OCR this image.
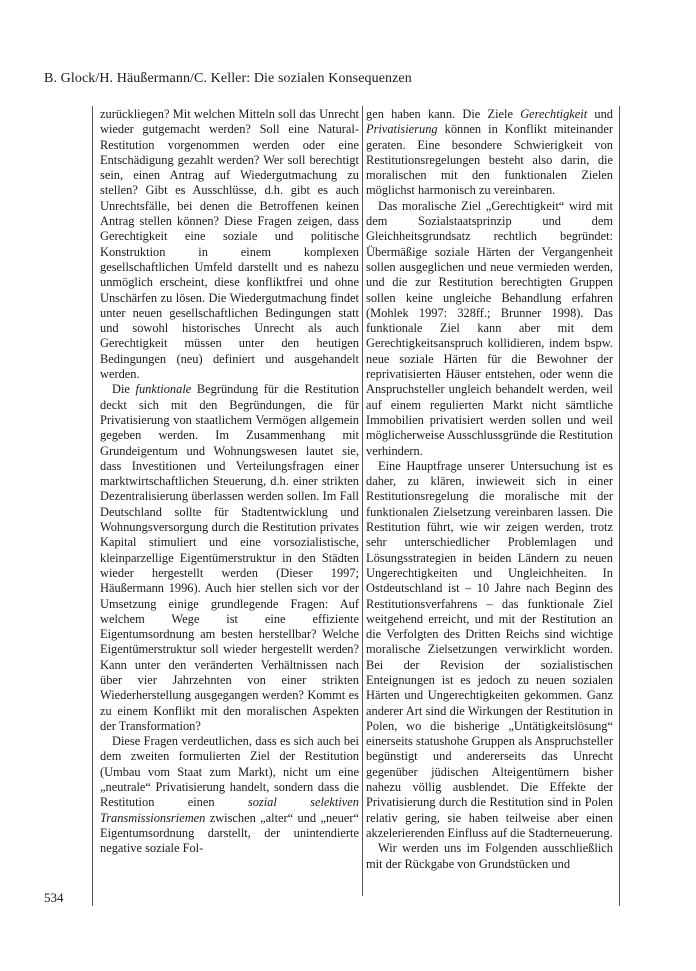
B. Glock/H. Häußermann/C. Keller: Die sozialen Konsequenzen

zurückliegen? Mit welchen Mitteln soll das Unrecht wieder gutgemacht werden? Soll eine Natural-Restitution vorgenommen werden oder eine Entschädigung gezahlt werden? Wer soll berechtigt sein, einen Antrag auf Wiedergutmachung zu stellen? Gibt es Ausschlüsse, d.h. gibt es auch Unrechtsfälle, bei denen die Betroffenen keinen Antrag stellen können? Diese Fragen zeigen, dass Gerechtigkeit eine soziale und politische Konstruktion in einem komplexen gesellschaftlichen Umfeld darstellt und es nahezu unmöglich erscheint, diese konfliktfrei und ohne Unschärfen zu lösen. Die Wiedergutmachung findet unter neuen gesellschaftlichen Bedingungen statt und sowohl historisches Unrecht als auch Gerechtigkeit müssen unter den heutigen Bedingungen (neu) definiert und ausgehandelt werden.

Die funktionale Begründung für die Restitution deckt sich mit den Begründungen, die für Privatisierung von staatlichem Vermögen allgemein gegeben werden. Im Zusammenhang mit Grundeigentum und Wohnungswesen lautet sie, dass Investitionen und Verteilungsfragen einer marktwirtschaftlichen Steuerung, d.h. einer strikten Dezentralisierung überlassen werden sollen. Im Fall Deutschland sollte für Stadtentwicklung und Wohnungsversorgung durch die Restitution privates Kapital stimuliert und eine vorsozialistische, kleinparzellige Eigentümerstruktur in den Städten wieder hergestellt werden (Dieser 1997; Häußermann 1996). Auch hier stellen sich vor der Umsetzung einige grundlegende Fragen: Auf welchem Wege ist eine effiziente Eigentumsordnung am besten herstellbar? Welche Eigentümerstruktur soll wieder hergestellt werden? Kann unter den veränderten Verhältnissen nach über vier Jahrzehnten von einer strikten Wiederherstellung ausgegangen werden? Kommt es zu einem Konflikt mit den moralischen Aspekten der Transformation?

Diese Fragen verdeutlichen, dass es sich auch bei dem zweiten formulierten Ziel der Restitution (Umbau vom Staat zum Markt), nicht um eine „neutrale“ Privatisierung handelt, sondern dass die Restitution einen sozial selektiven Transmissionsriemen zwischen „alter“ und „neuer“ Eigentumsordnung darstellt, der unintendierte negative soziale Fol-

gen haben kann. Die Ziele Gerechtigkeit und Privatisierung können in Konflikt miteinander geraten. Eine besondere Schwierigkeit von Restitutionsregelungen besteht also darin, die moralischen mit den funktionalen Zielen möglichst harmonisch zu vereinbaren.

Das moralische Ziel „Gerechtigkeit“ wird mit dem Sozialstaatsprinzip und dem Gleichheitsgrundsatz rechtlich begründet: Übermäßige soziale Härten der Vergangenheit sollen ausgeglichen und neue vermieden werden, und die zur Restitution berechtigten Gruppen sollen keine ungleiche Behandlung erfahren (Mohlek 1997: 328ff.; Brunner 1998). Das funktionale Ziel kann aber mit dem Gerechtigkeitsanspruch kollidieren, indem bspw. neue soziale Härten für die Bewohner der reprivatisierten Häuser entstehen, oder wenn die Anspruchsteller ungleich behandelt werden, weil auf einem regulierten Markt nicht sämtliche Immobilien privatisiert werden sollen und weil möglicherweise Ausschlussgründe die Restitution verhindern.

Eine Hauptfrage unserer Untersuchung ist es daher, zu klären, inwieweit sich in einer Restitutionsregelung die moralische mit der funktionalen Zielsetzung vereinbaren lassen. Die Restitution führt, wie wir zeigen werden, trotz sehr unterschiedlicher Problemlagen und Lösungsstrategien in beiden Ländern zu neuen Ungerechtigkeiten und Ungleichheiten. In Ostdeutschland ist – 10 Jahre nach Beginn des Restitutionsverfahrens – das funktionale Ziel weitgehend erreicht, und mit der Restitution an die Verfolgten des Dritten Reichs sind wichtige moralische Zielsetzungen verwirklicht worden. Bei der Revision der sozialistischen Enteignungen ist es jedoch zu neuen sozialen Härten und Ungerechtigkeiten gekommen. Ganz anderer Art sind die Wirkungen der Restitution in Polen, wo die bisherige „Untätigkeitslösung“ einerseits statushohe Gruppen als Anspruchsteller begünstigt und andererseits das Unrecht gegenüber jüdischen Alteigentümern bisher nahezu völlig ausblendet. Die Effekte der Privatisierung durch die Restitution sind in Polen relativ gering, sie haben teilweise aber einen akzelerierenden Einfluss auf die Stadterneuerung.

Wir werden uns im Folgenden ausschließlich mit der Rückgabe von Grundstücken und

534
